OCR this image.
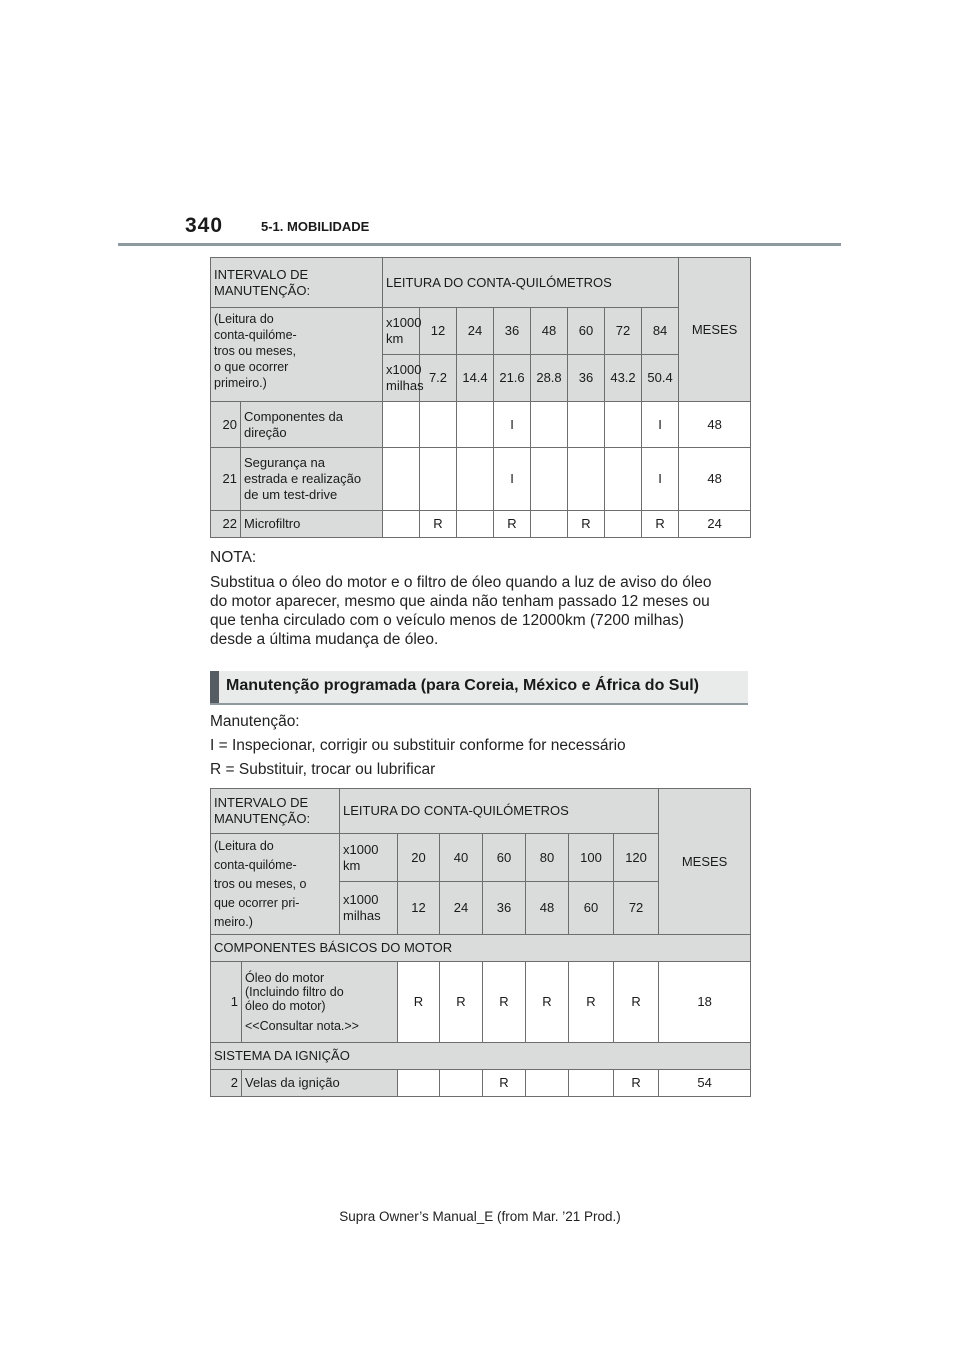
340	5-1. MOBILIDADE
INTERVALO DE
MANUTENÇÃO:		LEITURA DO CONTA-QUILÓMETROS								MESES
(Leitura do
conta-quilóme-
tros ou meses,
o que ocorrer
primeiro.)		x1000
km	12	24	36	48	60	72	84	
		x1000
milhas	7.2	14.4	21.6	28.8	36	43.2	50.4	
20	Componentes da
direção				I				I	48
21	Segurança na
estrada e realização
de um test-drive				I				I	48
22	Microfiltro		R		R		R		R	24
NOTA:
Substitua o óleo do motor e o filtro de óleo quando a luz de aviso do óleo
do motor aparecer, mesmo que ainda não tenham passado 12 meses ou
que tenha circulado com o veículo menos de 12000km (7200 milhas)
desde a última mudança de óleo.
Manutenção programada (para Coreia, México e África do Sul)
Manutenção:
I = Inspecionar, corrigir ou substituir conforme for necessário
R = Substituir, trocar ou lubrificar
INTERVALO DE
MANUTENÇÃO:		LEITURA DO CONTA-QUILÓMETROS							MESES
(Leitura do
conta-quilóme-
tros ou meses, o
que ocorrer pri-
meiro.)		x1000
km	20	40	60	80	100	120	
		x1000
milhas	12	24	36	48	60	72	
COMPONENTES BÁSICOS DO MOTOR									
1	Óleo do motor
(Incluindo filtro do
óleo do motor)
<<Consultar nota.>>		R	R	R	R	R	R	18
SISTEMA DA IGNIÇÃO									
2	Velas da ignição				R			R	54
Supra Owner’s Manual_E (from Mar. ’21 Prod.)
